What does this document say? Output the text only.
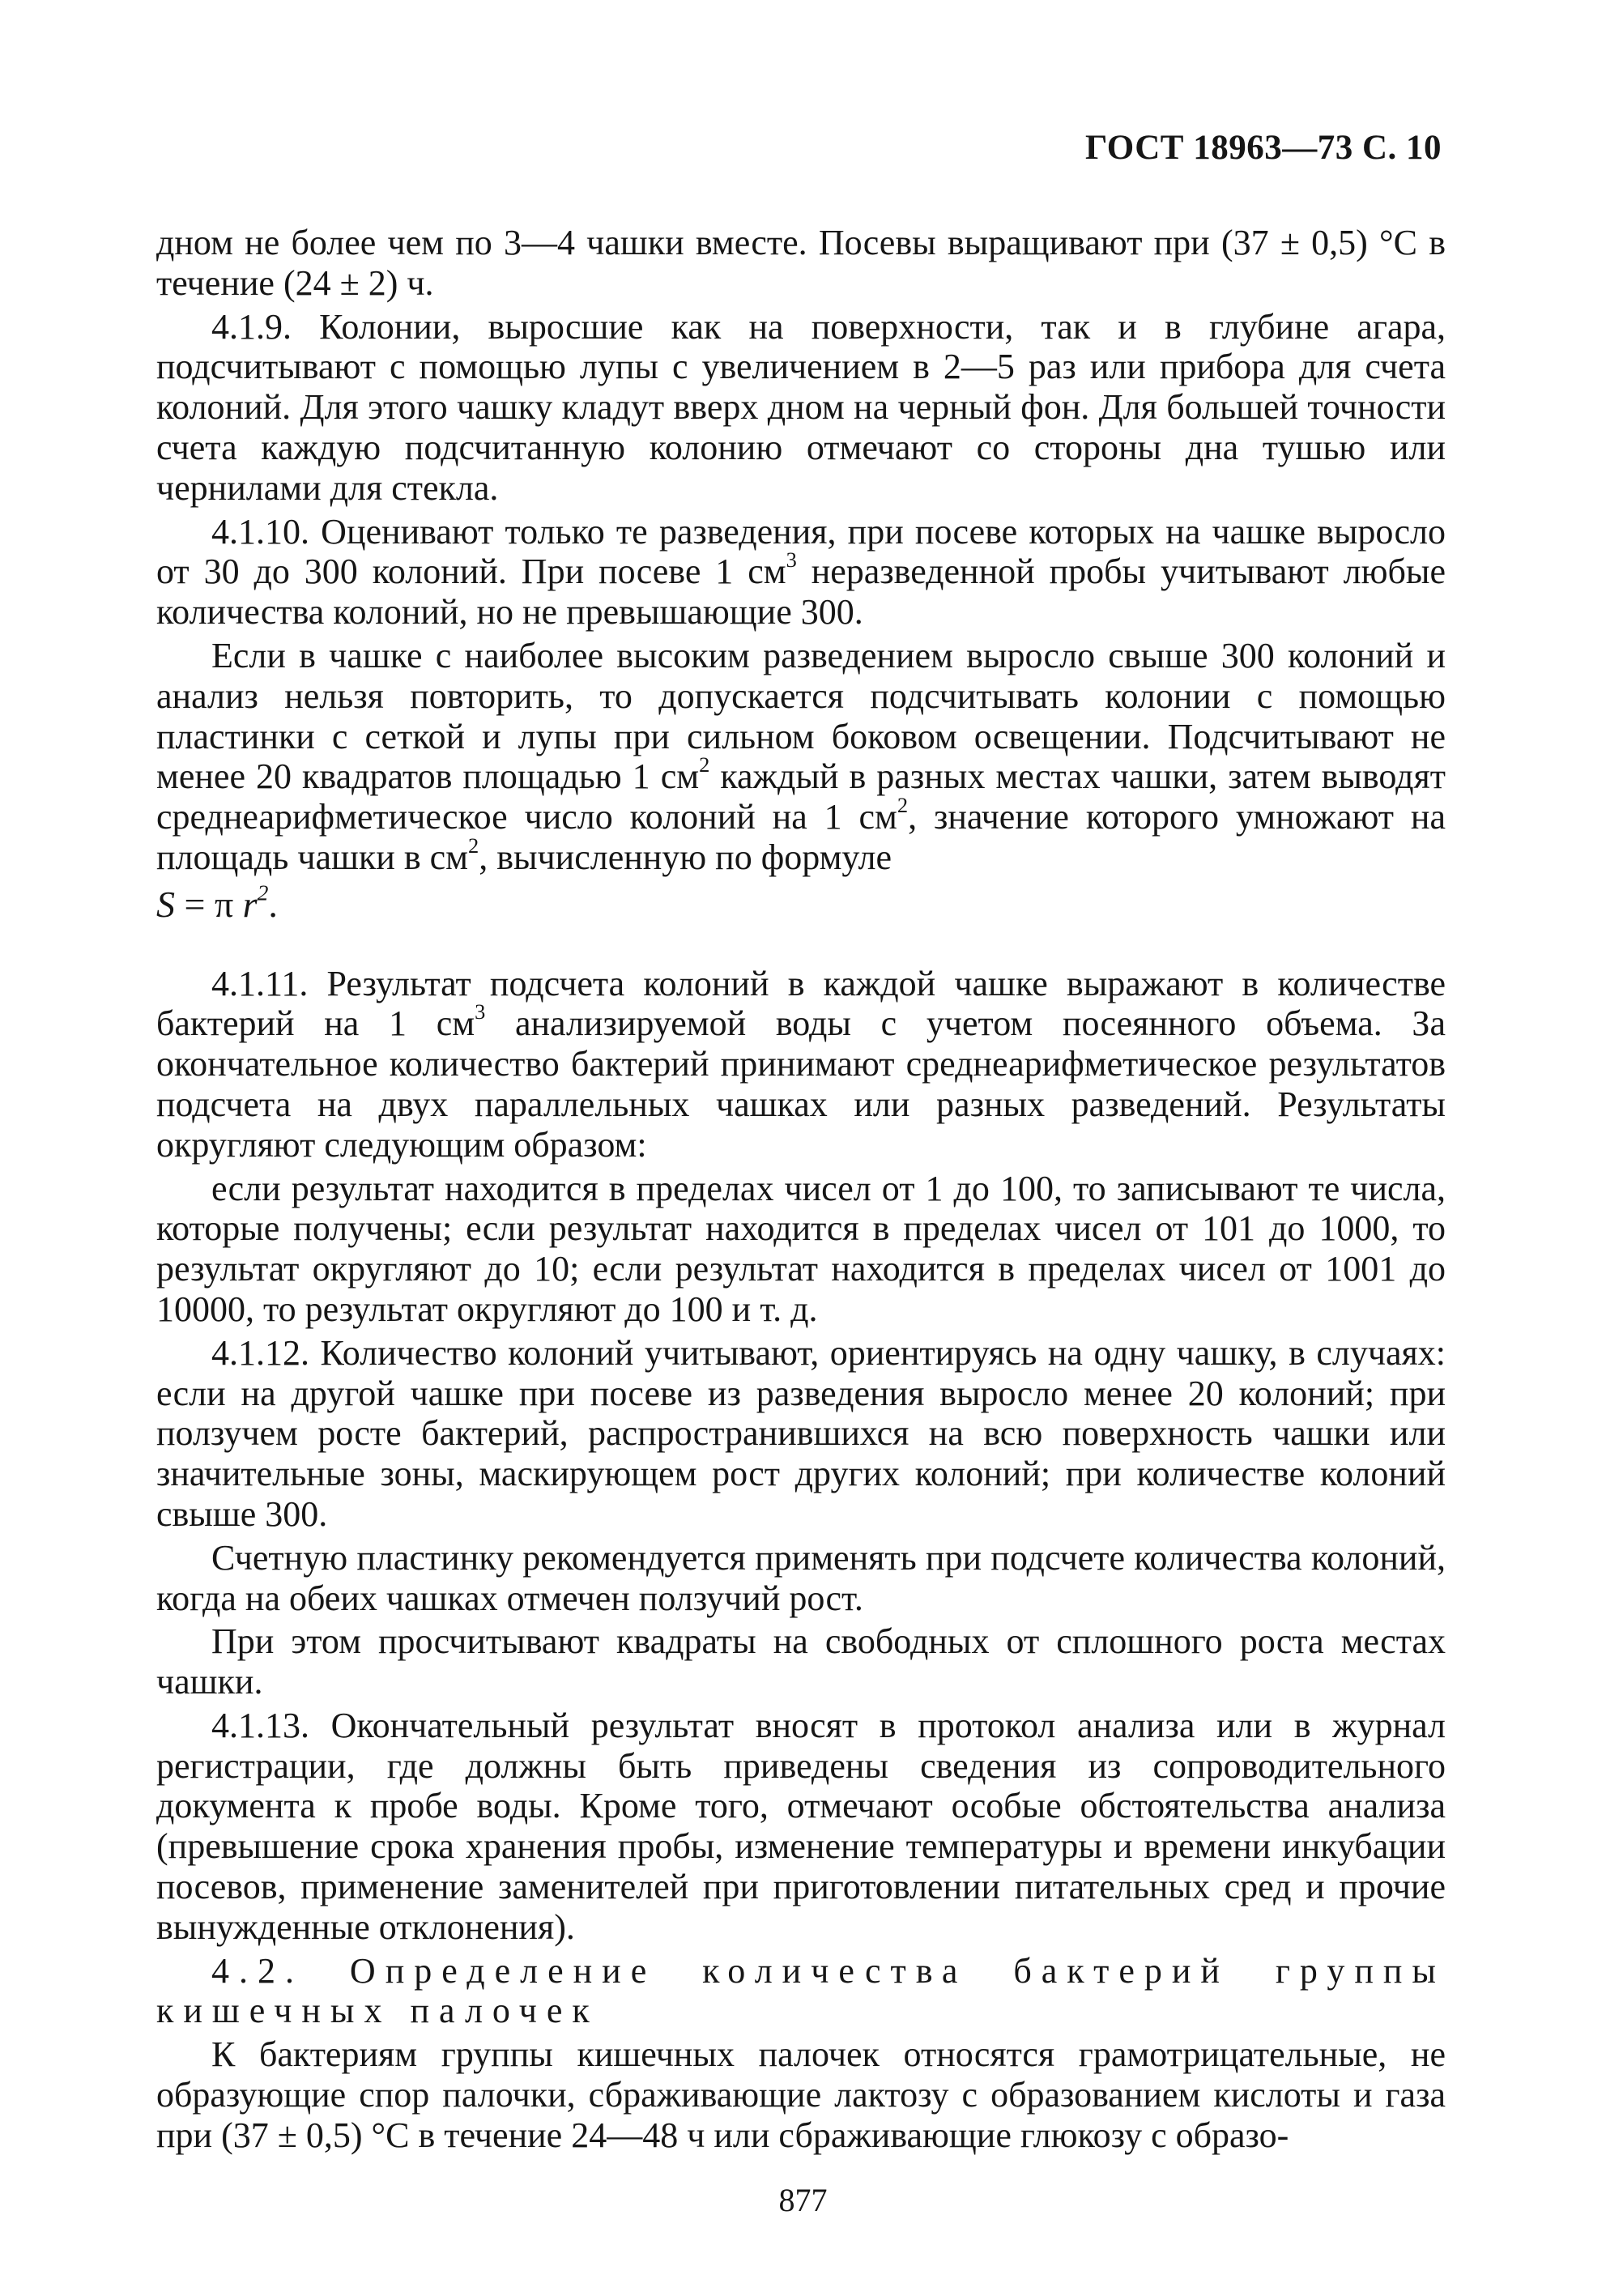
ГОСТ 18963—73 С. 10

дном не более чем по 3—4 чашки вместе. Посевы выращивают при (37 ± 0,5) °С в течение (24 ± 2) ч.

4.1.9. Колонии, выросшие как на поверхности, так и в глубине агара, подсчитывают с помощью лупы с увеличением в 2—5 раз или прибора для счета колоний. Для этого чашку кладут вверх дном на черный фон. Для большей точности счета каждую подсчитанную колонию отмечают со стороны дна тушью или чернилами для стекла.

4.1.10. Оценивают только те разведения, при посеве которых на чашке выросло от 30 до 300 колоний. При посеве 1 $см^3$ неразведенной пробы учитывают любые количества колоний, но не превышающие 300.

Если в чашке с наиболее высоким разведением выросло свыше 300 колоний и анализ нельзя повторить, то допускается подсчитывать колонии с помощью пластинки с сеткой и лупы при сильном боковом освещении. Подсчитывают не менее 20 квадратов площадью 1 $см^2$ каждый в разных местах чашки, затем выводят среднеарифметическое число колоний на 1 $см^2$, значение которого умножают на площадь чашки в $см^2$, вычисленную по формуле

S = π $r^2$.

4.1.11. Результат подсчета колоний в каждой чашке выражают в количестве бактерий на 1 $см^3$ анализируемой воды с учетом посеянного объема. За окончательное количество бактерий принимают среднеарифметическое результатов подсчета на двух параллельных чашках или разных разведений. Результаты округляют следующим образом:

если результат находится в пределах чисел от 1 до 100, то записывают те числа, которые получены; если результат находится в пределах чисел от 101 до 1000, то результат округляют до 10; если результат находится в пределах чисел от 1001 до 10000, то результат округляют до 100 и т. д.

4.1.12. Количество колоний учитывают, ориентируясь на одну чашку, в случаях: если на другой чашке при посеве из разведения выросло менее 20 колоний; при ползучем росте бактерий, распространившихся на всю поверхность чашки или значительные зоны, маскирующем рост других колоний; при количестве колоний свыше 300.

Счетную пластинку рекомендуется применять при подсчете количества колоний, когда на обеих чашках отмечен ползучий рост.

При этом просчитывают квадраты на свободных от сплошного роста местах чашки.

4.1.13. Окончательный результат вносят в протокол анализа или в журнал регистрации, где должны быть приведены сведения из сопроводительного документа к пробе воды. Кроме того, отмечают особые обстоятельства анализа (превышение срока хранения пробы, изменение температуры и времени инкубации посевов, применение заменителей при приготовлении питательных сред и прочие вынужденные отклонения).

4.2. Определение количества бактерий группы кишечных палочек

К бактериям группы кишечных палочек относятся грамотрицательные, не образующие спор палочки, сбраживающие лактозу с образованием кислоты и газа при (37 ± 0,5) °С в течение 24—48 ч или сбраживающие глюкозу с образо-

877
